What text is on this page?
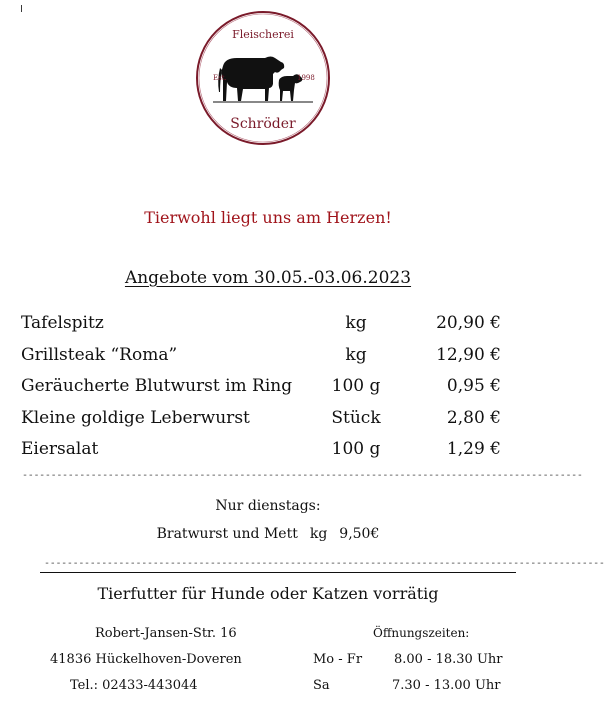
I
Fleischerei
Schröder
Est.	1998
Tierwohl liegt uns am Herzen!
Angebote vom 30.05.-03.06.2023
Tafelspitz	kg	20,90 €
Grillsteak “Roma”	kg	12,90 €
Geräucherte Blutwurst im Ring	100 g	0,95 €
Kleine goldige Leberwurst	Stück	2,80 €
Eiersalat	100 g	1,29 €
--------------------------------------------------------------------------------------------------
Nur dienstags:
Bratwurst und Mett kg 9,50€
--------------------------------------------------------------------------------------------------
Tierfutter für Hunde oder Katzen vorrätig
Robert-Jansen-Str. 16
41836 Hückelhoven-Doveren
Tel.: 02433-443044
Öffnungszeiten:
Mo - Fr 8.00 - 18.30 Uhr
Sa	7.30 - 13.00 Uhr
